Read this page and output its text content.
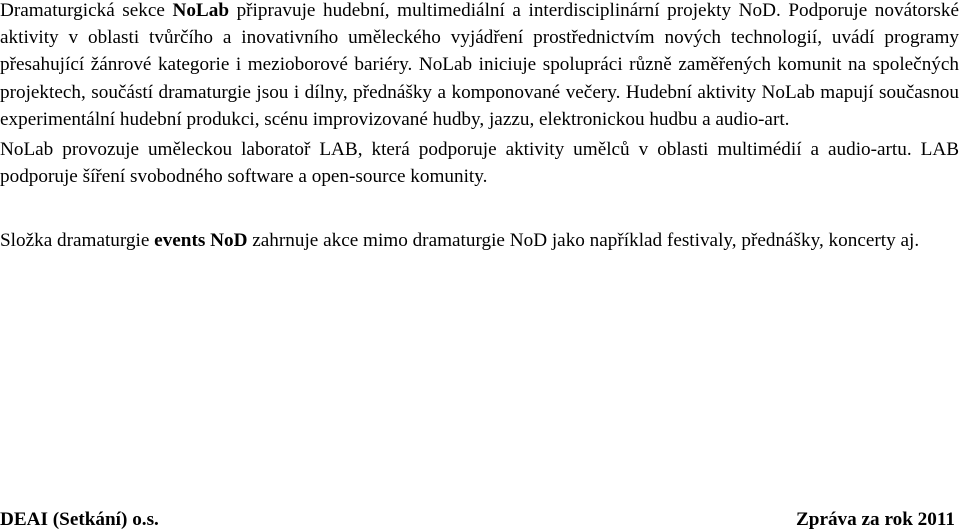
Dramaturgická sekce NoLab připravuje hudební, multimediální a interdisciplinární projekty NoD. Podporuje novátorské aktivity v oblasti tvůrčího a inovativního uměleckého vyjádření prostřednictvím nových technologií, uvádí programy přesahující žánrové kategorie i mezioborové bariéry. NoLab iniciuje spolupráci různě zaměřených komunit na společných projektech, součástí dramaturgie jsou i dílny, přednášky a komponované večery. Hudební aktivity NoLab mapují současnou experimentální hudební produkci, scénu improvizované hudby, jazzu, elektronickou hudbu a audio-art.

NoLab provozuje uměleckou laboratoř LAB, která podporuje aktivity umělců v oblasti multimédií a audio-artu. LAB podporuje šíření svobodného software a open-source komunity.

Složka dramaturgie events NoD zahrnuje akce mimo dramaturgie NoD jako například festivaly, přednášky, koncerty aj.

DEAI (Setkání) o.s.	Zpráva za rok 2011
